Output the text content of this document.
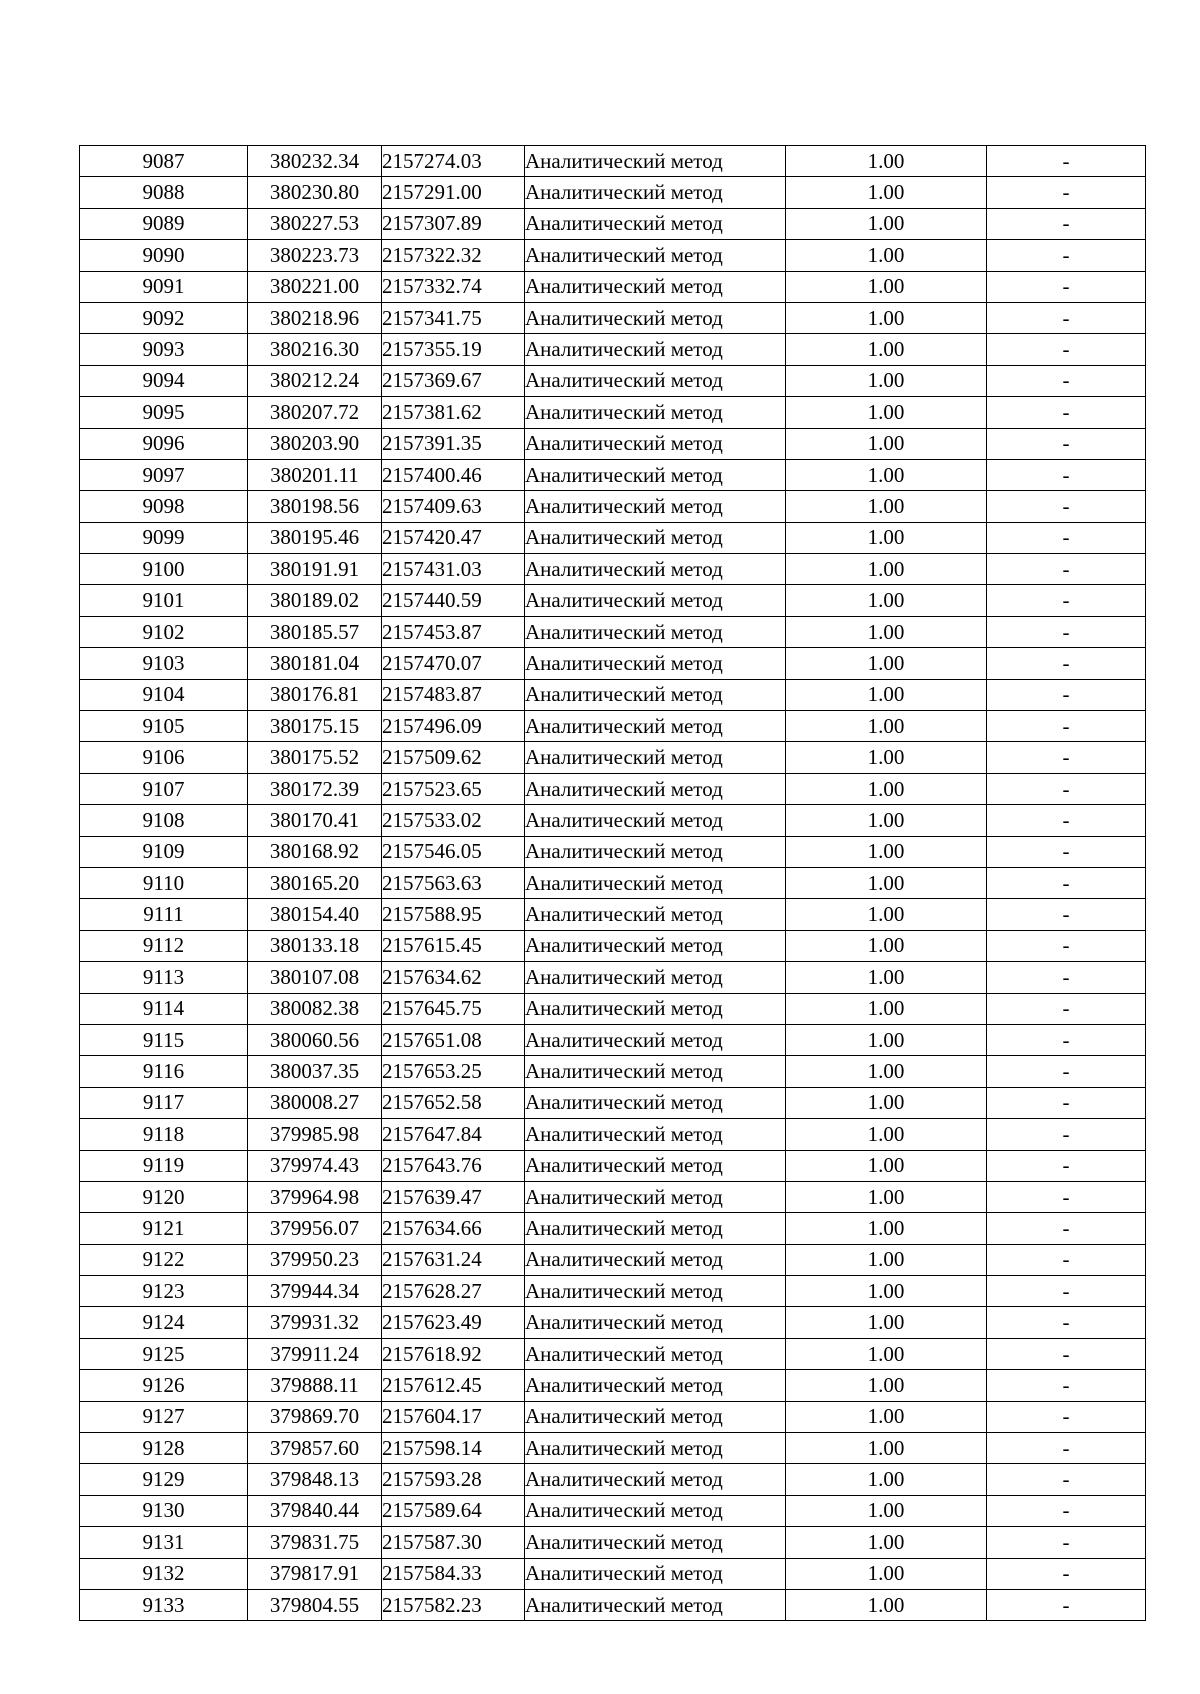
9087	380232.34	2157274.03	Аналитический метод	1.00	-
9088	380230.80	2157291.00	Аналитический метод	1.00	-
9089	380227.53	2157307.89	Аналитический метод	1.00	-
9090	380223.73	2157322.32	Аналитический метод	1.00	-
9091	380221.00	2157332.74	Аналитический метод	1.00	-
9092	380218.96	2157341.75	Аналитический метод	1.00	-
9093	380216.30	2157355.19	Аналитический метод	1.00	-
9094	380212.24	2157369.67	Аналитический метод	1.00	-
9095	380207.72	2157381.62	Аналитический метод	1.00	-
9096	380203.90	2157391.35	Аналитический метод	1.00	-
9097	380201.11	2157400.46	Аналитический метод	1.00	-
9098	380198.56	2157409.63	Аналитический метод	1.00	-
9099	380195.46	2157420.47	Аналитический метод	1.00	-
9100	380191.91	2157431.03	Аналитический метод	1.00	-
9101	380189.02	2157440.59	Аналитический метод	1.00	-
9102	380185.57	2157453.87	Аналитический метод	1.00	-
9103	380181.04	2157470.07	Аналитический метод	1.00	-
9104	380176.81	2157483.87	Аналитический метод	1.00	-
9105	380175.15	2157496.09	Аналитический метод	1.00	-
9106	380175.52	2157509.62	Аналитический метод	1.00	-
9107	380172.39	2157523.65	Аналитический метод	1.00	-
9108	380170.41	2157533.02	Аналитический метод	1.00	-
9109	380168.92	2157546.05	Аналитический метод	1.00	-
9110	380165.20	2157563.63	Аналитический метод	1.00	-
9111	380154.40	2157588.95	Аналитический метод	1.00	-
9112	380133.18	2157615.45	Аналитический метод	1.00	-
9113	380107.08	2157634.62	Аналитический метод	1.00	-
9114	380082.38	2157645.75	Аналитический метод	1.00	-
9115	380060.56	2157651.08	Аналитический метод	1.00	-
9116	380037.35	2157653.25	Аналитический метод	1.00	-
9117	380008.27	2157652.58	Аналитический метод	1.00	-
9118	379985.98	2157647.84	Аналитический метод	1.00	-
9119	379974.43	2157643.76	Аналитический метод	1.00	-
9120	379964.98	2157639.47	Аналитический метод	1.00	-
9121	379956.07	2157634.66	Аналитический метод	1.00	-
9122	379950.23	2157631.24	Аналитический метод	1.00	-
9123	379944.34	2157628.27	Аналитический метод	1.00	-
9124	379931.32	2157623.49	Аналитический метод	1.00	-
9125	379911.24	2157618.92	Аналитический метод	1.00	-
9126	379888.11	2157612.45	Аналитический метод	1.00	-
9127	379869.70	2157604.17	Аналитический метод	1.00	-
9128	379857.60	2157598.14	Аналитический метод	1.00	-
9129	379848.13	2157593.28	Аналитический метод	1.00	-
9130	379840.44	2157589.64	Аналитический метод	1.00	-
9131	379831.75	2157587.30	Аналитический метод	1.00	-
9132	379817.91	2157584.33	Аналитический метод	1.00	-
9133	379804.55	2157582.23	Аналитический метод	1.00	-
